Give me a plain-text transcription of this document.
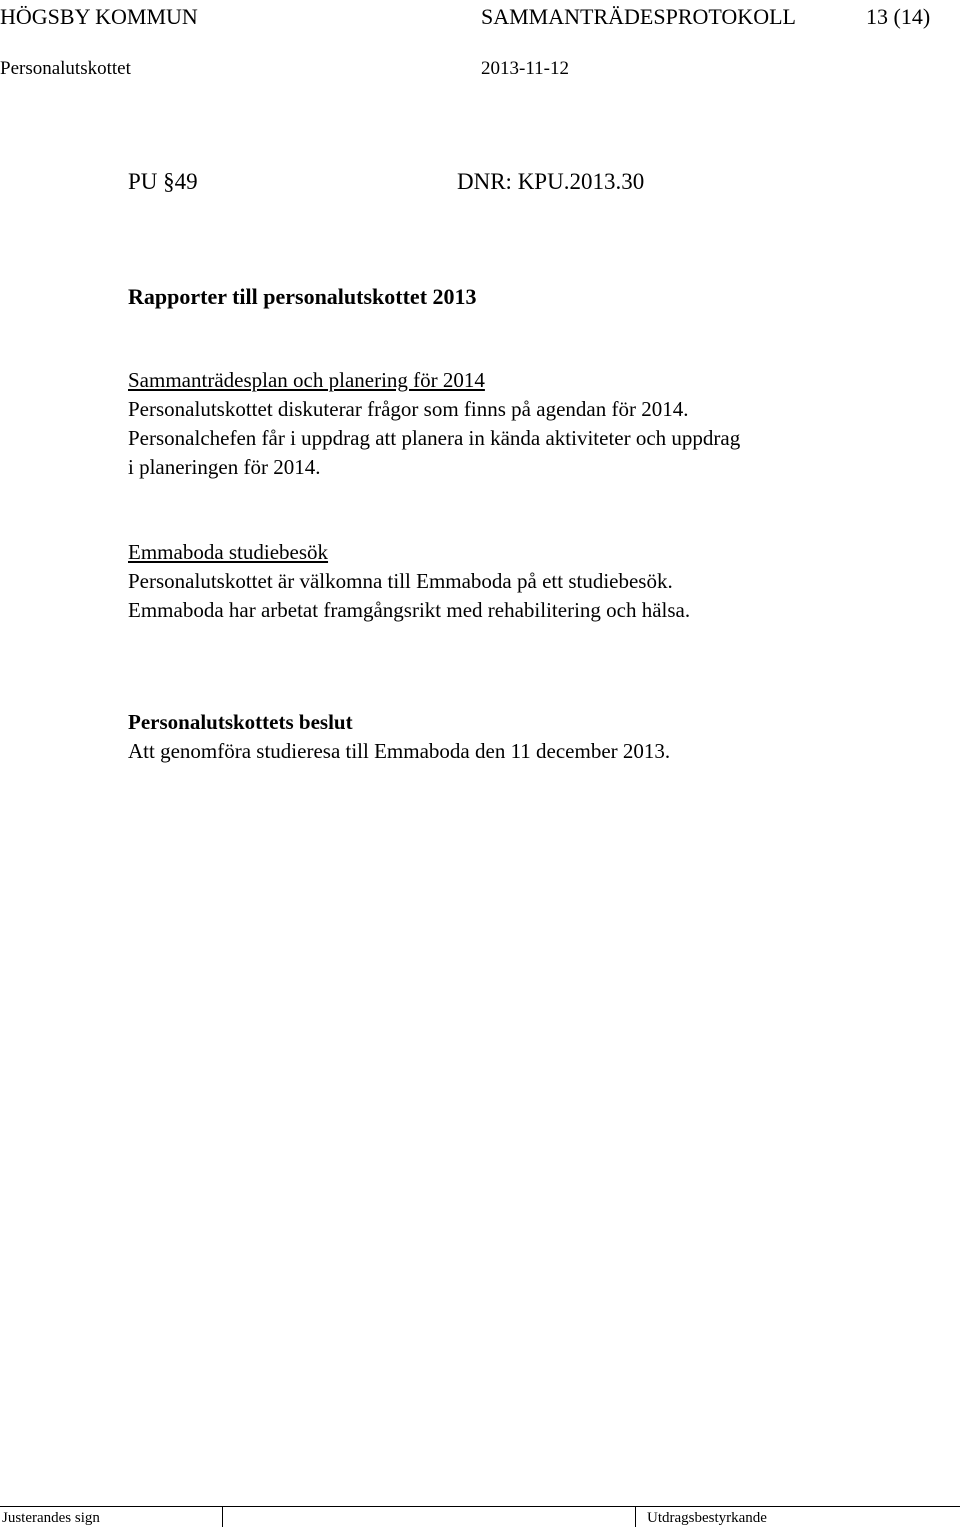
HÖGSBY KOMMUN	SAMMANTRÄDESPROTOKOLL	13 (14)
Personalutskottet	2013-11-12
PU §49	DNR: KPU.2013.30
Rapporter till personalutskottet 2013
Sammanträdesplan och planering för 2014
Personalutskottet diskuterar frågor som finns på agendan för 2014.
Personalchefen får i uppdrag att planera in kända aktiviteter och uppdrag
i planeringen för 2014.
Emmaboda studiebesök
Personalutskottet är välkomna till Emmaboda på ett studiebesök.
Emmaboda har arbetat framgångsrikt med rehabilitering och hälsa.
Personalutskottets beslut
Att genomföra studieresa till Emmaboda den 11 december 2013.
Justerandes sign	Utdragsbestyrkande
